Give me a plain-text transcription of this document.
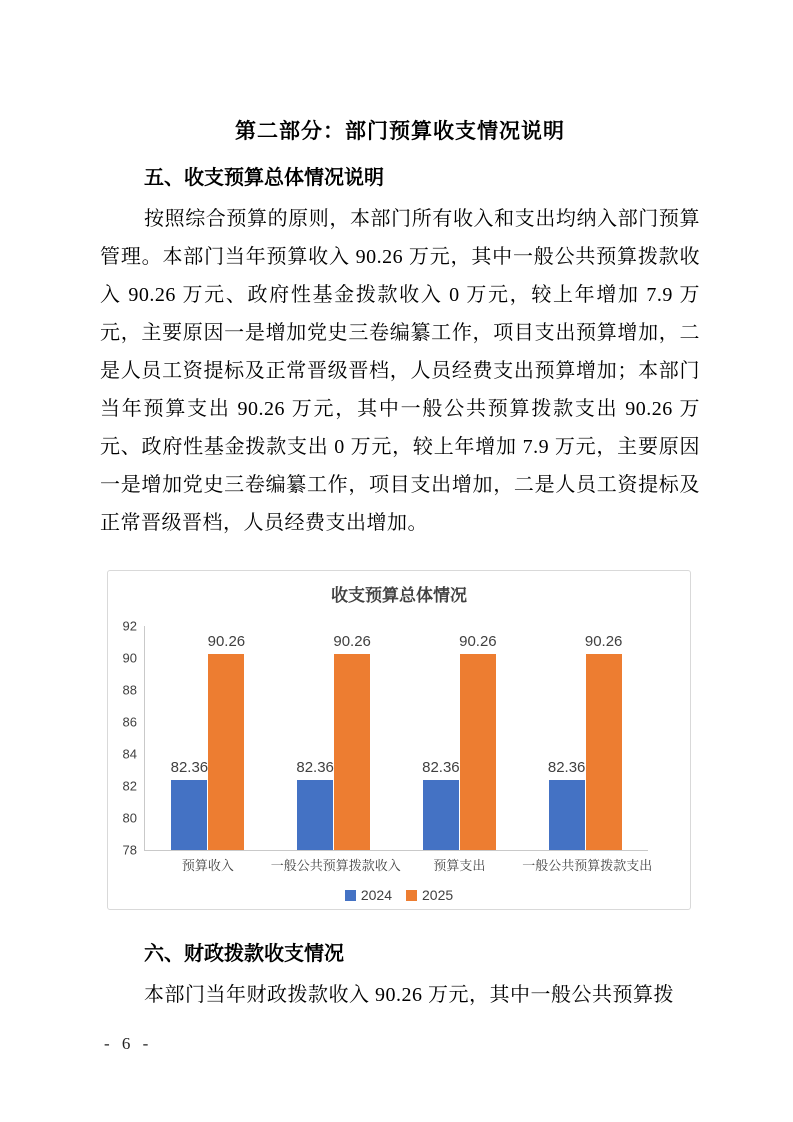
第二部分：部门预算收支情况说明
五、收支预算总体情况说明
按照综合预算的原则，本部门所有收入和支出均纳入部门预算管理。本部门当年预算收入 90.26 万元，其中一般公共预算拨款收入 90.26 万元、政府性基金拨款收入 0 万元，较上年增加 7.9 万元，主要原因一是增加党史三卷编纂工作，项目支出预算增加，二是人员工资提标及正常晋级晋档，人员经费支出预算增加；本部门当年预算支出 90.26 万元，其中一般公共预算拨款支出 90.26 万元、政府性基金拨款支出 0 万元，较上年增加 7.9 万元，主要原因一是增加党史三卷编纂工作，项目支出增加，二是人员工资提标及正常晋级晋档，人员经费支出增加。
收支预算总体情况
78
80
82
84
86
88
90
92
82.36
90.26
82.36
90.26
82.36
90.26
82.36
90.26
预算收入	一般公共预算拨款收入	预算支出	一般公共预算拨款支出
2024 2025
六、财政拨款收支情况
本部门当年财政拨款收入 90.26 万元，其中一般公共预算拨
- 6 -
